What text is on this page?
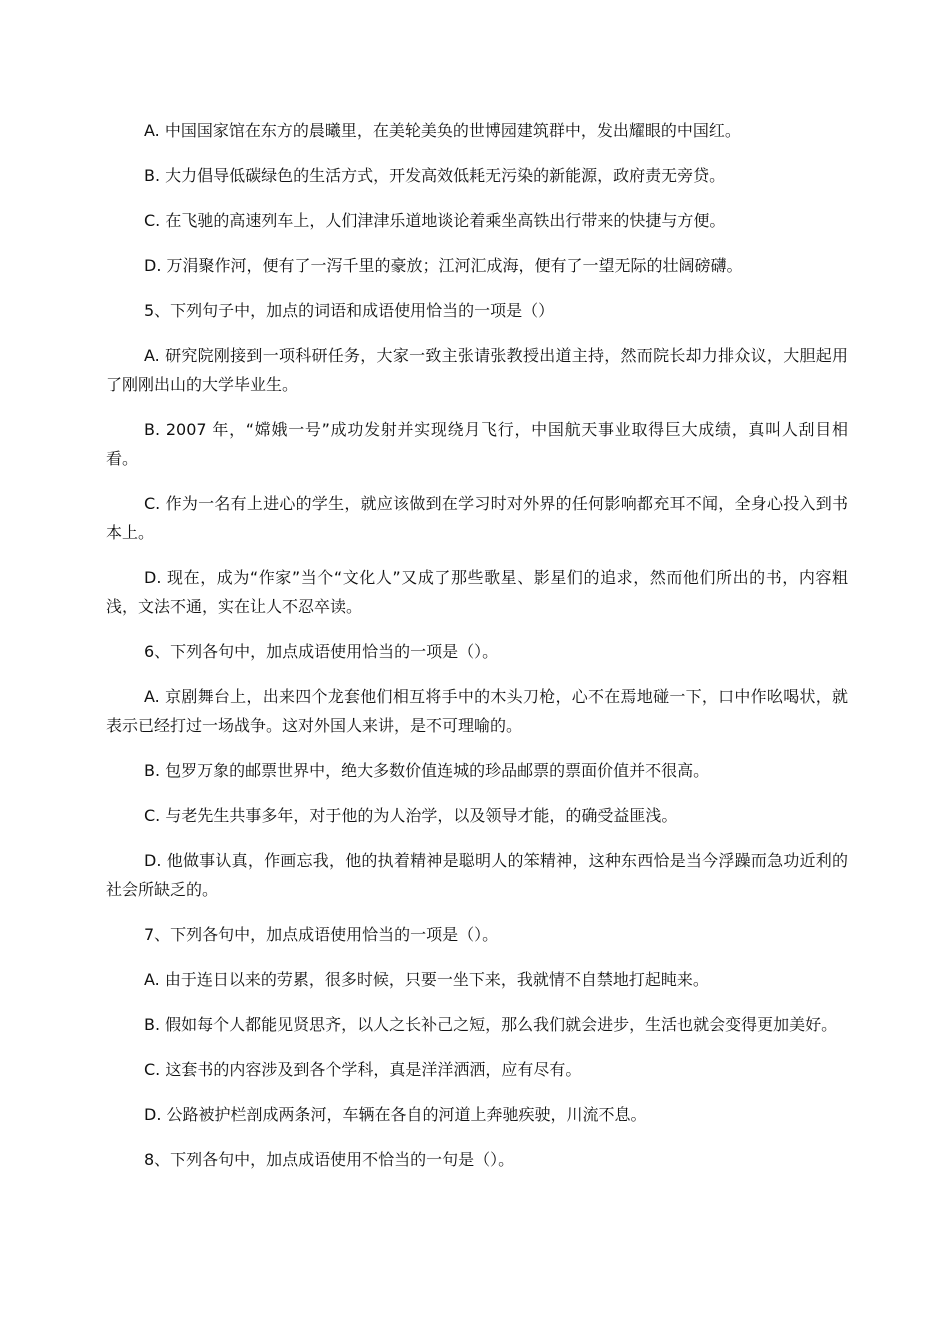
A. 中国国家馆在东方的晨曦里，在美轮美奂的世博园建筑群中，发出耀眼的中国红。

B. 大力倡导低碳绿色的生活方式，开发高效低耗无污染的新能源，政府责无旁贷。

C. 在飞驰的高速列车上，人们津津乐道地谈论着乘坐高铁出行带来的快捷与方便。

D. 万涓聚作河，便有了一泻千里的豪放；江河汇成海，便有了一望无际的壮阔磅礴。

5、下列句子中，加点的词语和成语使用恰当的一项是（）

A. 研究院刚接到一项科研任务，大家一致主张请张教授出道主持，然而院长却力排众议，大胆起用了刚刚出山的大学毕业生。

B. 2007 年，“嫦娥一号”成功发射并实现绕月飞行，中国航天事业取得巨大成绩，真叫人刮目相看。

C. 作为一名有上进心的学生，就应该做到在学习时对外界的任何影响都充耳不闻，全身心投入到书本上。

D. 现在，成为“作家”当个“文化人”又成了那些歌星、影星们的追求，然而他们所出的书，内容粗浅，文法不通，实在让人不忍卒读。

6、下列各句中，加点成语使用恰当的一项是（）。

A. 京剧舞台上，出来四个龙套他们相互将手中的木头刀枪，心不在焉地碰一下，口中作吆喝状，就表示已经打过一场战争。这对外国人来讲，是不可理喻的。

B. 包罗万象的邮票世界中，绝大多数价值连城的珍品邮票的票面价值并不很高。

C. 与老先生共事多年，对于他的为人治学，以及领导才能，的确受益匪浅。

D. 他做事认真，作画忘我，他的执着精神是聪明人的笨精神，这种东西恰是当今浮躁而急功近利的社会所缺乏的。

7、下列各句中，加点成语使用恰当的一项是（）。

A. 由于连日以来的劳累，很多时候，只要一坐下来，我就情不自禁地打起盹来。

B. 假如每个人都能见贤思齐，以人之长补己之短，那么我们就会进步，生活也就会变得更加美好。

C. 这套书的内容涉及到各个学科，真是洋洋洒洒，应有尽有。

D. 公路被护栏剖成两条河，车辆在各自的河道上奔驰疾驶，川流不息。

8、下列各句中，加点成语使用不恰当的一句是（）。
